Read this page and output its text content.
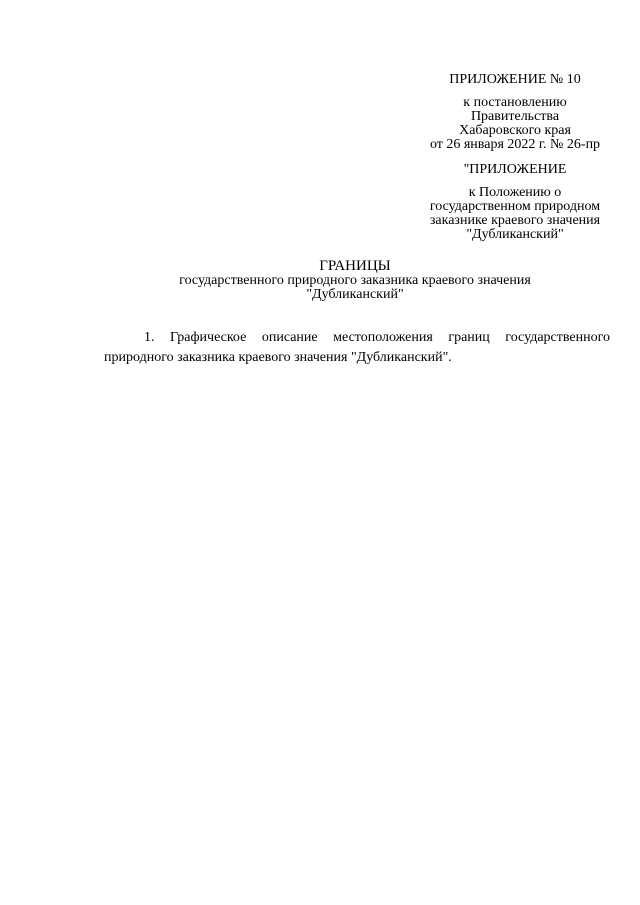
ПРИЛОЖЕНИЕ № 10
к постановлению
Правительства
Хабаровского края
от 26 января 2022 г. № 26-пр
"ПРИЛОЖЕНИЕ
к Положению о
государственном природном
заказнике краевого значения
"Дубликанский"
ГРАНИЦЫ
государственного природного заказника краевого значения
"Дубликанский"
1. Графическое описание местоположения границ государственного
природного заказника краевого значения "Дубликанский".
